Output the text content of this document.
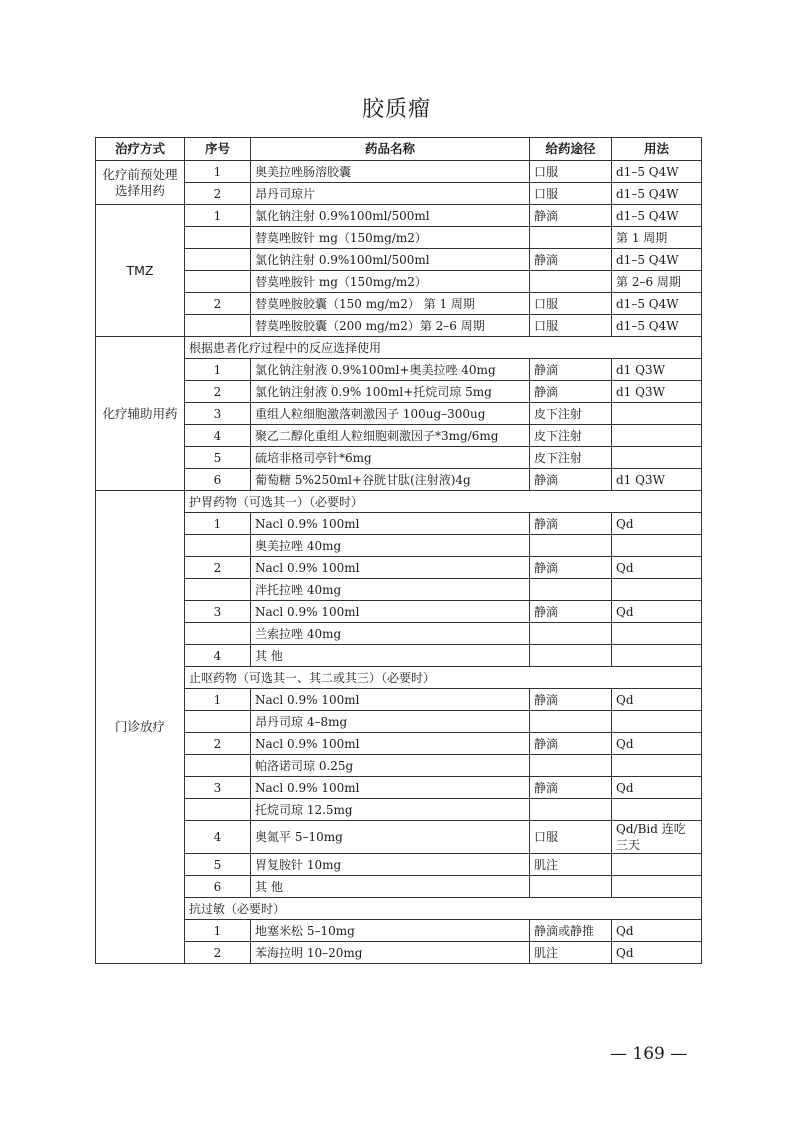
胶质瘤
治疗方式	序号	药品名称	给药途径	用法
化疗前预处理选择用药	1	奥美拉唑肠溶胶囊	口服	d1–5 Q4W
	2	昂丹司琼片	口服	d1–5 Q4W
TMZ	1	氯化钠注射 0.9%100ml/500ml	静滴	d1–5 Q4W
		替莫唑胺针 mg（150mg/m2）		第 1 周期
		氯化钠注射 0.9%100ml/500ml	静滴	d1–5 Q4W
		替莫唑胺针 mg（150mg/m2）		第 2–6 周期
	2	替莫唑胺胶囊（150 mg/m2） 第 1 周期	口服	d1–5 Q4W
		替莫唑胺胶囊（200 mg/m2）第 2–6 周期	口服	d1–5 Q4W
化疗辅助用药	根据患者化疗过程中的反应选择使用			
	1	氯化钠注射液 0.9%100ml+奥美拉唑 40mg	静滴	d1 Q3W
	2	氯化钠注射液 0.9% 100ml+托烷司琼 5mg	静滴	d1 Q3W
	3	重组人粒细胞激落刺激因子 100ug–300ug	皮下注射	
	4	聚乙二醇化重组人粒细胞刺激因子*3mg/6mg	皮下注射	
	5	硫培非格司亭针*6mg	皮下注射	
	6	葡萄糖 5%250ml+谷胱甘肽(注射液)4g	静滴	d1 Q3W
门诊放疗	护胃药物（可选其一）（必要时）			
	1	Nacl 0.9% 100ml	静滴	Qd
		奥美拉唑 40mg		
	2	Nacl 0.9% 100ml	静滴	Qd
		泮托拉唑 40mg		
	3	Nacl 0.9% 100ml	静滴	Qd
		兰索拉唑 40mg		
	4	其 他		
	止呕药物（可选其一、其二或其三）（必要时）			
	1	Nacl 0.9% 100ml	静滴	Qd
		昂丹司琼 4–8mg		
	2	Nacl 0.9% 100ml	静滴	Qd
		帕洛诺司琼 0.25g		
	3	Nacl 0.9% 100ml	静滴	Qd
		托烷司琼 12.5mg		
	4	奥氮平 5–10mg	口服	Qd/Bid 连吃三天
	5	胃复胺针 10mg	肌注	
	6	其 他		
	抗过敏（必要时）			
	1	地塞米松 5–10mg	静滴或静推	Qd
	2	苯海拉明 10–20mg	肌注	Qd
— 169 —
